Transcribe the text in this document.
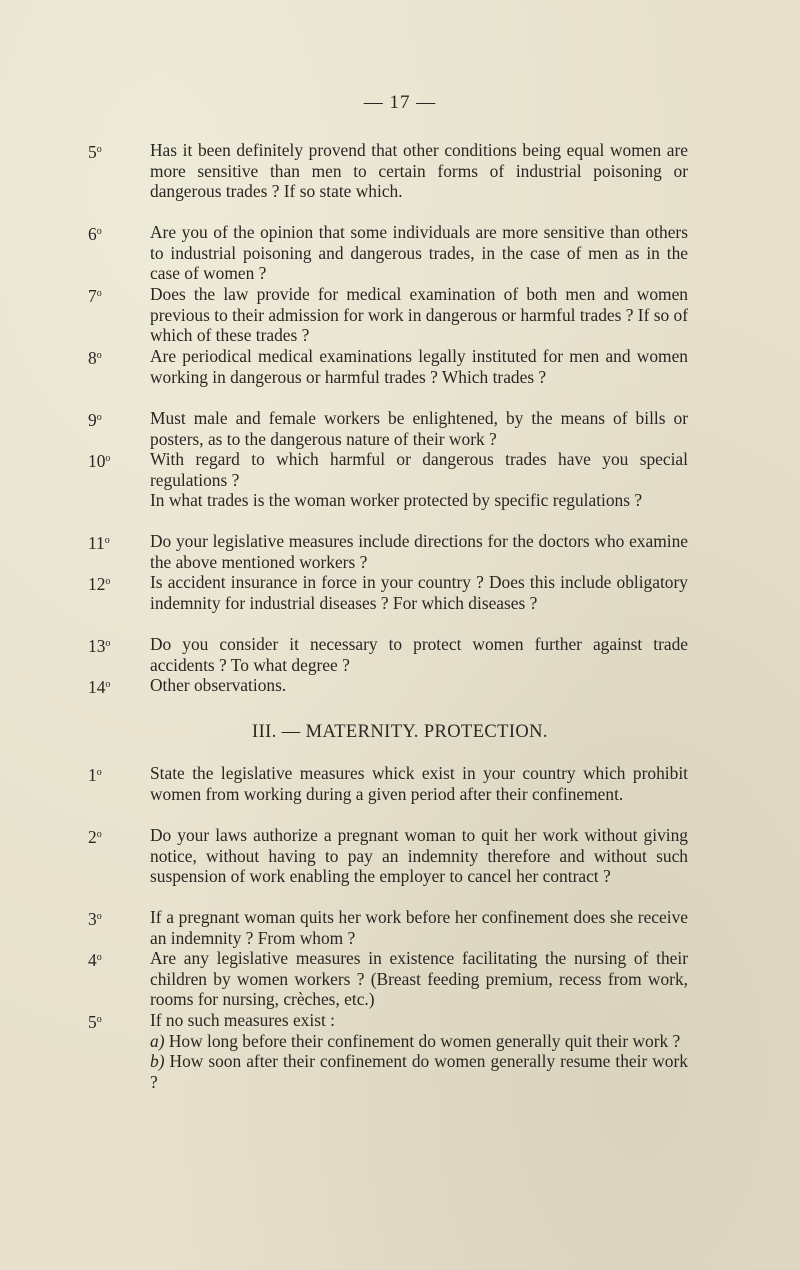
— 17 —
5$^o$	Has it been definitely provend that other conditions being equal women are more sensitive than men to certain forms of industrial poisoning or dangerous trades ? If so state which.

6$^o$	Are you of the opinion that some individuals are more sensitive than others to industrial poisoning and dangerous trades, in the case of men as in the case of women ?

7$^o$	Does the law provide for medical examination of both men and women previous to their admission for work in dangerous or harmful trades ? If so of which of these trades ?

8$^o$	Are periodical medical examinations legally instituted for men and women working in dangerous or harmful trades ? Which trades ?

9$^o$	Must male and female workers be enlightened, by the means of bills or posters, as to the dangerous nature of their work ?

10$^o$	With regard to which harmful or dangerous trades have you special regulations ?

In what trades is the woman worker protected by specific regulations ?

11$^o$	Do your legislative measures include directions for the doctors who examine the above mentioned workers ?

12$^o$	Is accident insurance in force in your country ? Does this include obligatory indemnity for industrial diseases ? For which diseases ?

13$^o$	Do you consider it necessary to protect women further against trade accidents ? To what degree ?

14$^o$	Other observations.

III. — MATERNITY. PROTECTION.
1$^o$	State the legislative measures whick exist in your country which prohibit women from working during a given period after their confinement.

2$^o$	Do your laws authorize a pregnant woman to quit her work without giving notice, without having to pay an indemnity therefore and without such suspension of work enabling the employer to cancel her contract ?

3$^o$	If a pregnant woman quits her work before her confinement does she receive an indemnity ? From whom ?

4$^o$	Are any legislative measures in existence facilitating the nursing of their children by women workers ? (Breast feeding premium, recess from work, rooms for nursing, crèches, etc.)

5$^o$	If no such measures exist :

a) How long before their confinement do women generally quit their work ?

b) How soon after their confinement do women generally resume their work ?
